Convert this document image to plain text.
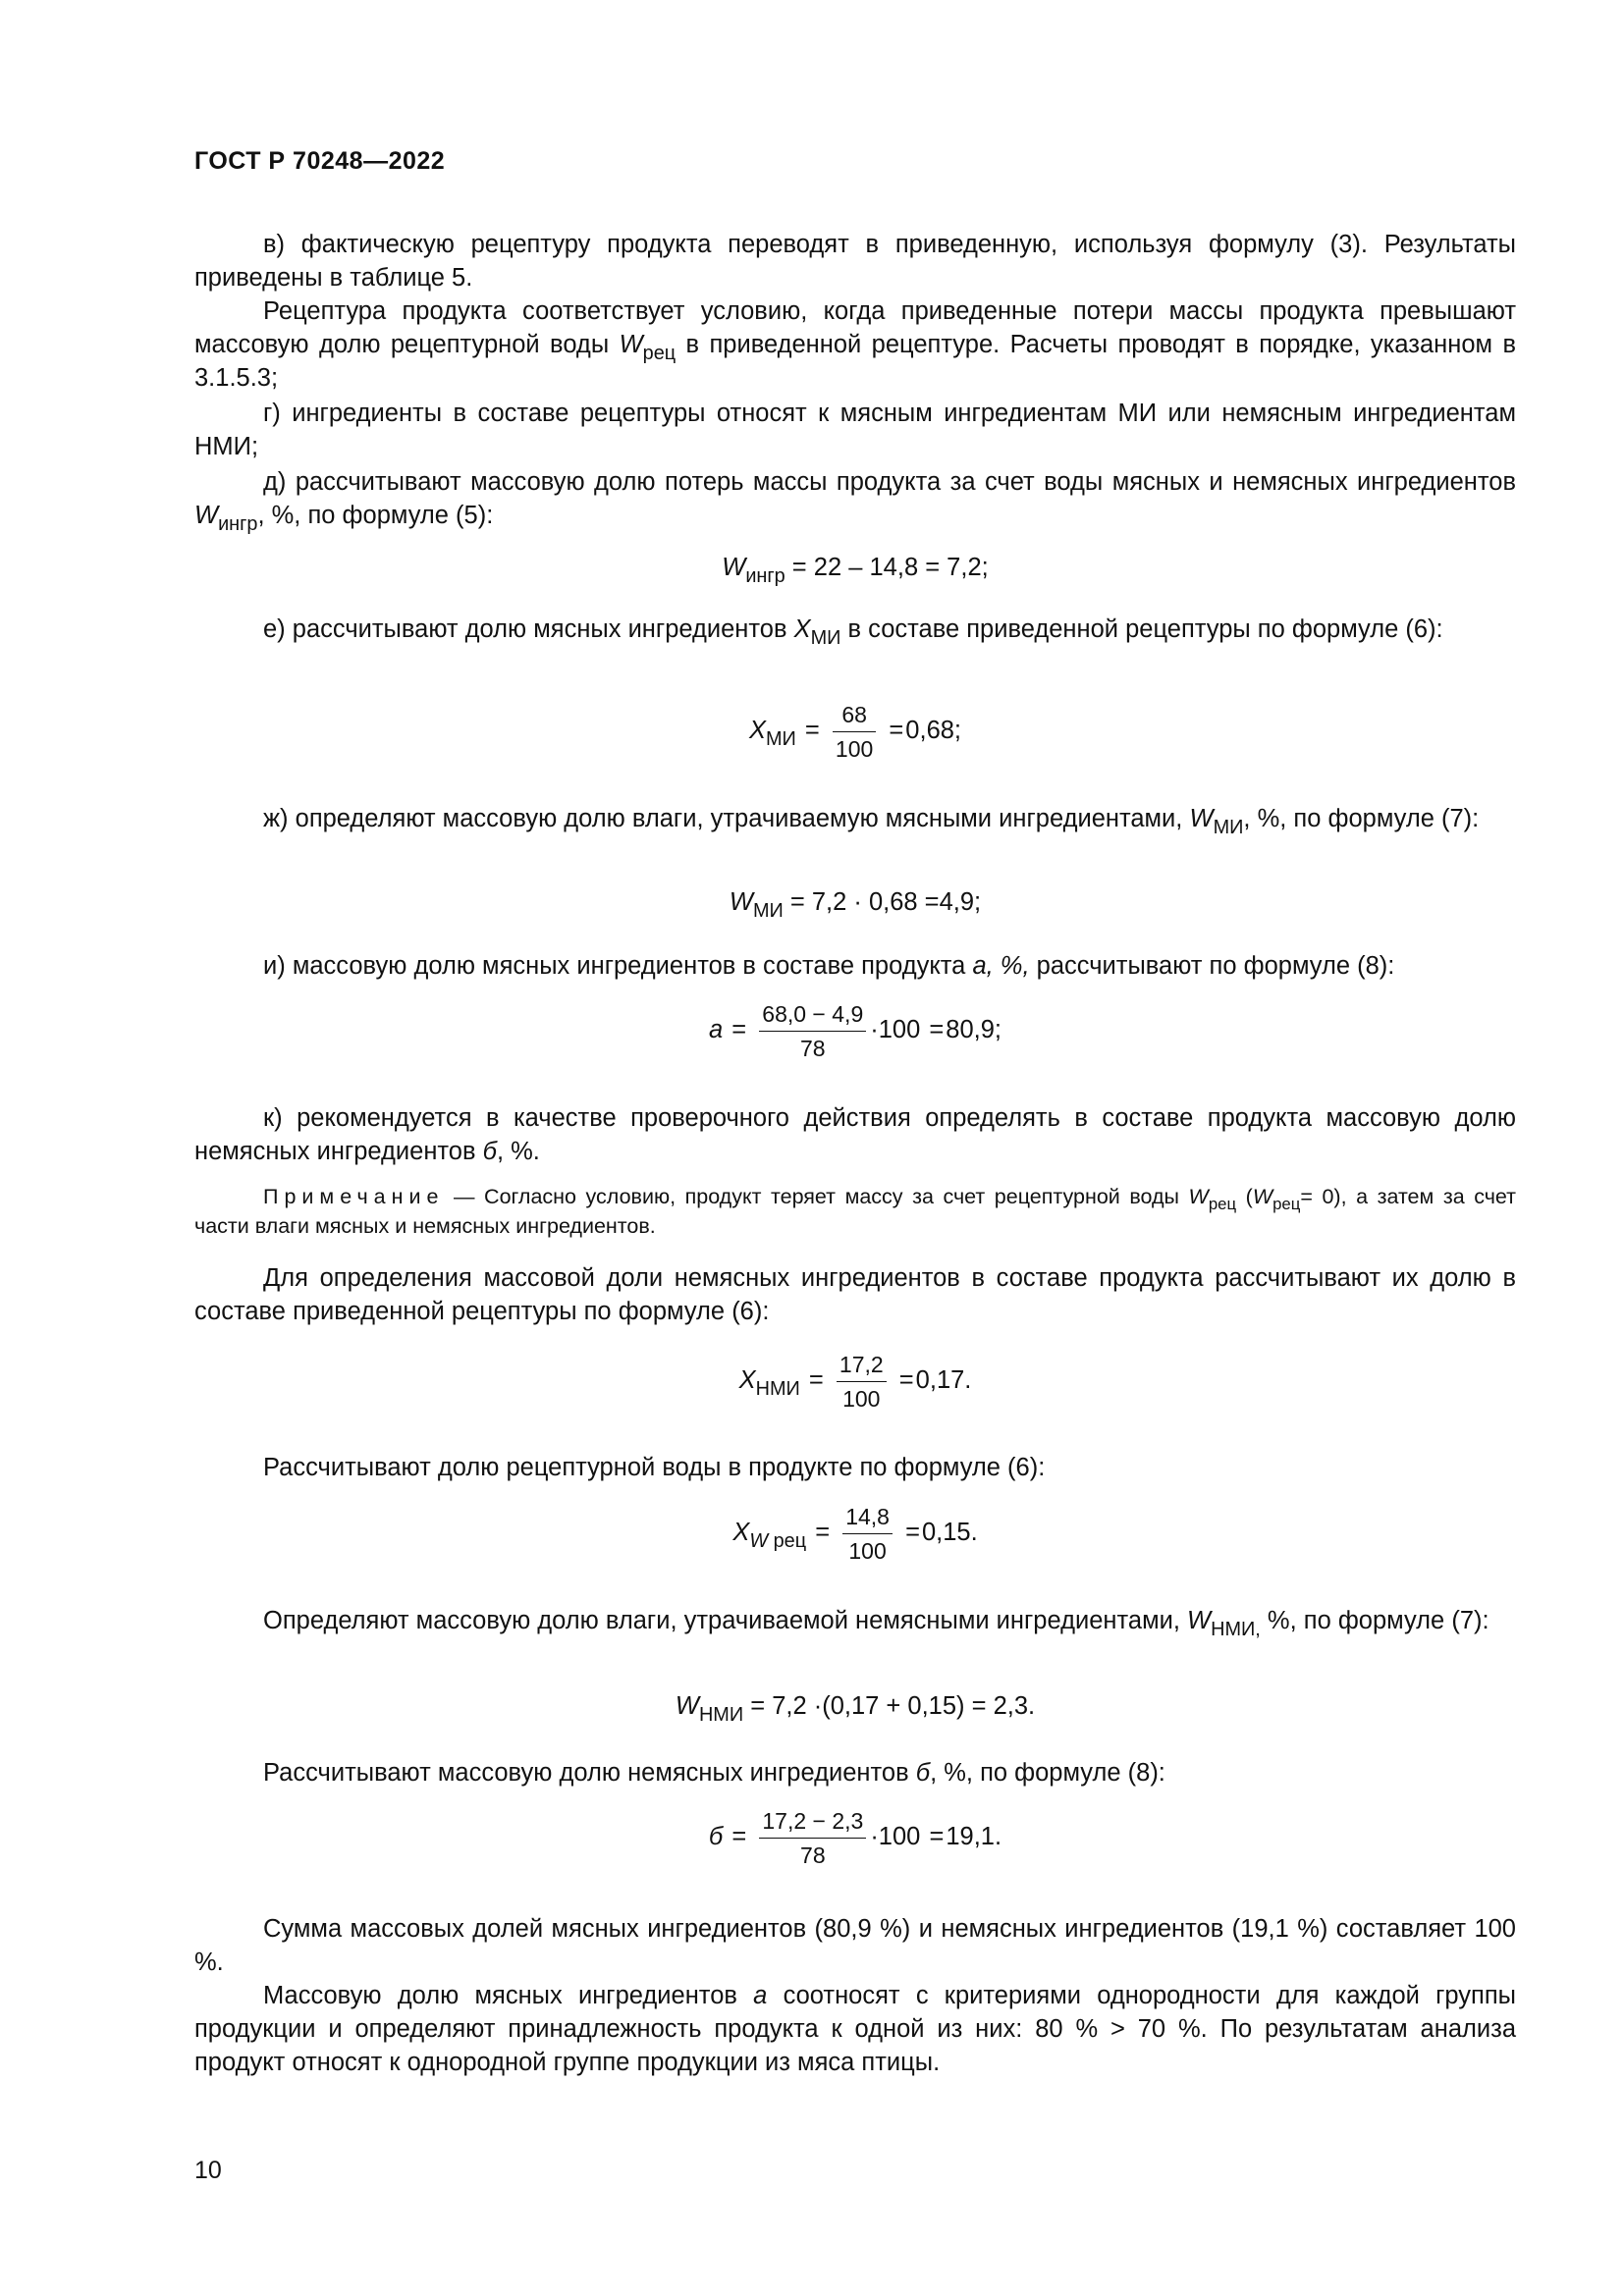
ГОСТ Р 70248—2022
в) фактическую рецептуру продукта переводят в приведенную, используя формулу (3). Результаты приведены в таблице 5.
Рецептура продукта соответствует условию, когда приведенные потери массы продукта превышают массовую долю рецептурной воды $W_{рец}$ в приведенной рецептуре. Расчеты проводят в порядке, указанном в 3.1.5.3;
г) ингредиенты в составе рецептуры относят к мясным ингредиентам МИ или немясным ингредиентам НМИ;
д) рассчитывают массовую долю потерь массы продукта за счет воды мясных и немясных ингредиентов $W_{ингр}$, %, по формуле (5):
$W_{ингр} = 22 - 14,8 = 7,2$;
е) рассчитывают долю мясных ингредиентов $X_{МИ}$ в составе приведенной рецептуры по формуле (6):
$X_{МИ} = \frac{68}{100} =0,68$;
ж) определяют массовую долю влаги, утрачиваемую мясными ингредиентами, $W_{МИ}$, %, по формуле (7):
$W_{МИ} = 7,2 \cdot 0,68 =4,9$;
и) массовую долю мясных ингредиентов в составе продукта а, %, рассчитывают по формуле (8):
$а = \frac{68,0 - 4,9}{78} \cdot 100 =80,9$;
к) рекомендуется в качестве проверочного действия определять в составе продукта массовую долю немясных ингредиентов б, %.
Примечание — Согласно условию, продукт теряет массу за счет рецептурной воды $W_{рец}$ $(W_{рец}= 0)$, а затем за счет части влаги мясных и немясных ингредиентов.
Для определения массовой доли немясных ингредиентов в составе продукта рассчитывают их долю в составе приведенной рецептуры по формуле (6):
$X_{НМИ} = \frac{17,2}{100} =0,17$.
Рассчитывают долю рецептурной воды в продукте по формуле (6):
$X_{W рец} = \frac{14,8}{100} =0,15$.
Определяют массовую долю влаги, утрачиваемой немясными ингредиентами, $W_{НМИ,}$ %, по формуле (7):
$W_{НМИ} = 7,2 \cdot(0,17 + 0,15) = 2,3$.
Рассчитывают массовую долю немясных ингредиентов б, %, по формуле (8):
$б = \frac{17,2 - 2,3}{78} \cdot 100 =19,1$.
Сумма массовых долей мясных ингредиентов (80,9 %) и немясных ингредиентов (19,1 %) составляет 100 %.
Массовую долю мясных ингредиентов а соотносят с критериями однородности для каждой группы продукции и определяют принадлежность продукта к одной из них: 80 % > 70 %. По результатам анализа продукт относят к однородной группе продукции из мяса птицы.
10
